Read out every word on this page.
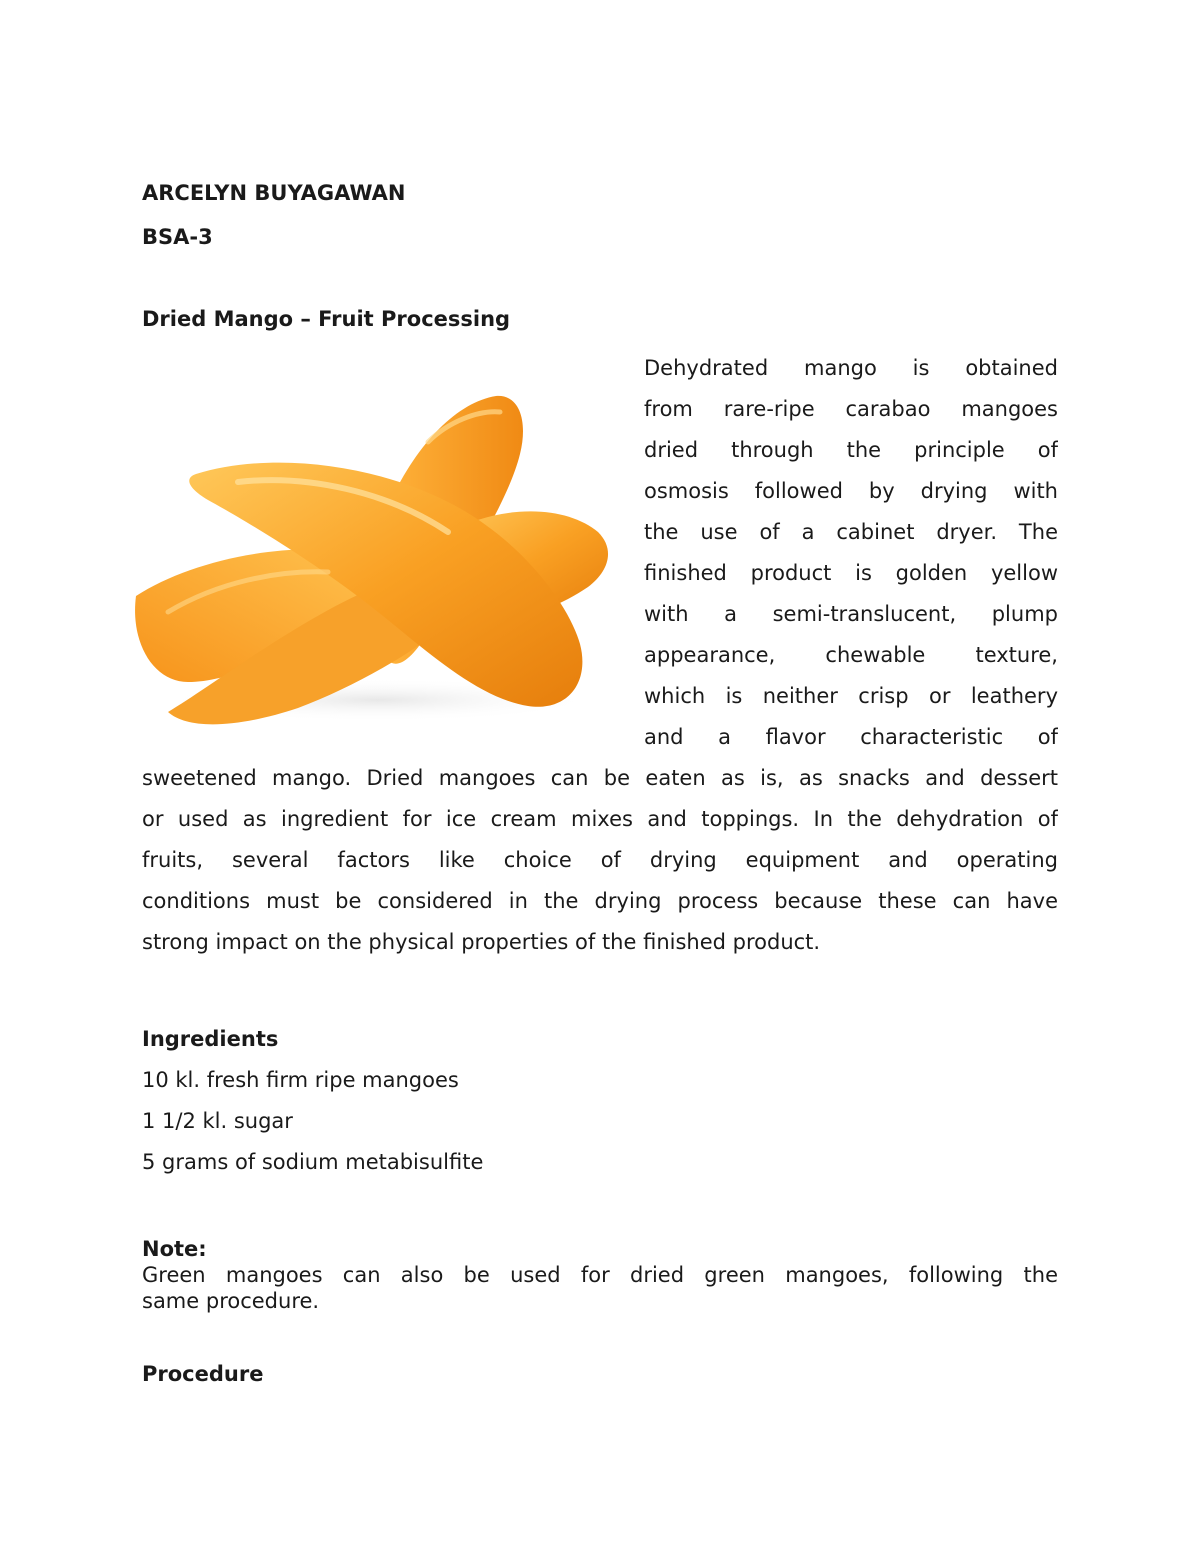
ARCELYN BUYAGAWAN
BSA-3
Dried Mango – Fruit Processing
Dehydrated mango is obtained
from rare-ripe carabao mangoes
dried through the principle of
osmosis followed by drying with
the use of a cabinet dryer. The
finished product is golden yellow
with a semi-translucent, plump
appearance, chewable texture,
which is neither crisp or leathery
and a flavor characteristic of
sweetened mango. Dried mangoes can be eaten as is, as snacks and dessert
or used as ingredient for ice cream mixes and toppings. In the dehydration of
fruits, several factors like choice of drying equipment and operating
conditions must be considered in the drying process because these can have
strong impact on the physical properties of the finished product.
Ingredients
10 kl. fresh firm ripe mangoes
1 1/2 kl. sugar
5 grams of sodium metabisulfite
Note:
Green mangoes can also be used for dried green mangoes, following the
same procedure.
Procedure
